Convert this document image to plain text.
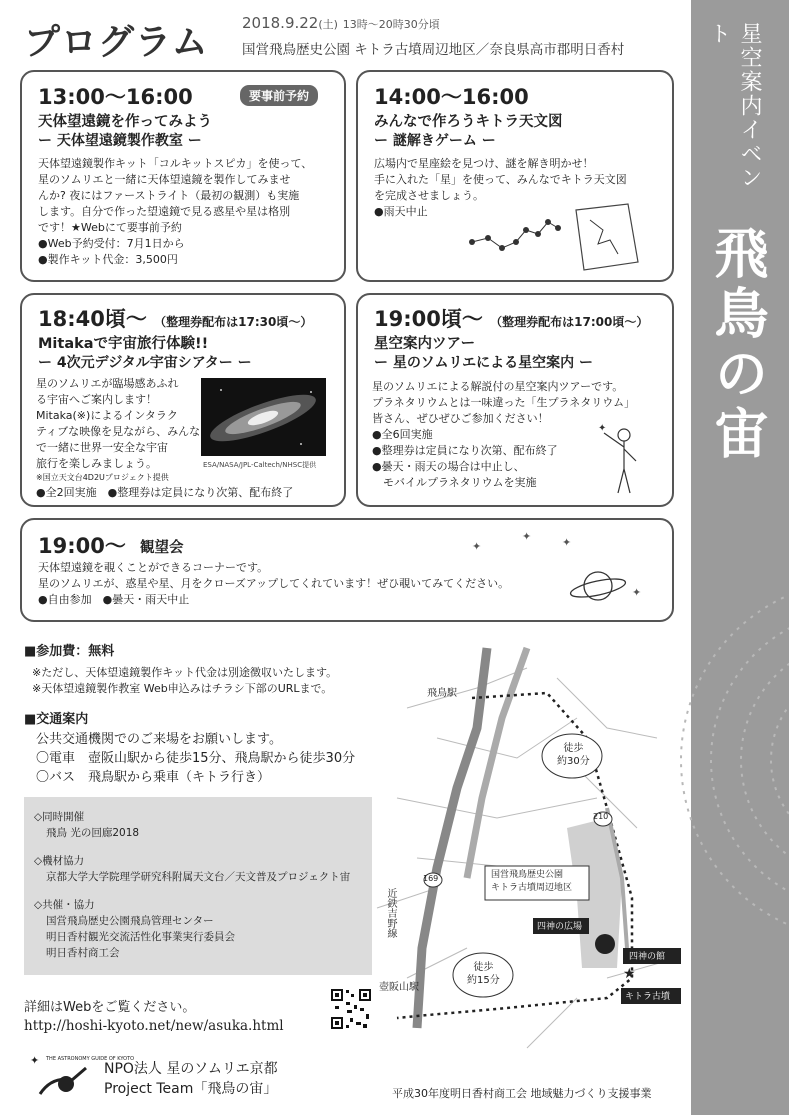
星空案内イベント
飛鳥の宙
プログラム 2018.9.22(土) 13時〜20時30分頃
国営飛鳥歴史公園 キトラ古墳周辺地区／奈良県高市郡明日香村
13:00〜16:00	要事前予約
天体望遠鏡を作ってみよう
ー 天体望遠鏡製作教室 ー
天体望遠鏡製作キット「コルキットスピカ」を使って、
星のソムリエと一緒に天体望遠鏡を製作してみませ
んか? 夜にはファーストライト（最初の観測）も実施
します。自分で作った望遠鏡で見る惑星や星は格別
です！★Webにて要事前予約
●Web予約受付：7月1日から
●製作キット代金：3,500円
14:00〜16:00
みんなで作ろうキトラ天文図
ー 謎解きゲーム ー
広場内で星座絵を見つけ、謎を解き明かせ！
手に入れた「星」を使って、みんなでキトラ天文図
を完成させましょう。
●雨天中止
18:40頃〜 （整理券配布は17:30頃〜）
Mitakaで宇宙旅行体験!!
ー 4次元デジタル宇宙シアター ー
星のソムリエが臨場感あふれ
る宇宙へご案内します！
Mitaka(※)によるインタラク
ティブな映像を見ながら、みんな
で一緒に世界一安全な宇宙
旅行を楽しみましょう。
※国立天文台4D2Uプロジェクト提供
●全2回実施　●整理券は定員になり次第、配布終了
ESA/NASA/JPL-Caltech/NHSC提供
19:00頃〜 （整理券配布は17:00頃〜）
星空案内ツアー
ー 星のソムリエによる星空案内 ー
星のソムリエによる解説付の星空案内ツアーです。
プラネタリウムとは一味違った「生プラネタリウム」
皆さん、ぜひぜひご参加ください！
●全6回実施
●整理券は定員になり次第、配布終了
●曇天・雨天の場合は中止し、
　モバイルプラネタリウムを実施
✦
19:00〜 観望会
天体望遠鏡を覗くことができるコーナーです。
星のソムリエが、惑星や星、月をクローズアップしてくれています！ぜひ覗いてみてください。
●自由参加　●曇天・雨天中止
✦
✦	✦
✦
■参加費：無料
※ただし、天体望遠鏡製作キット代金は別途徴収いたします。
※天体望遠鏡製作教室 Web申込みはチラシ下部のURLまで。
■交通案内
公共交通機関でのご来場をお願いします。
〇電車　壺阪山駅から徒歩15分、飛鳥駅から徒歩30分
〇バス　飛鳥駅から乗車（キトラ行き）
◇同時開催
飛鳥 光の回廊2018
◇機材協力
京都大学大学院理学研究科附属天文台／天文普及プロジェクト宙
◇共催・協力
国営飛鳥歴史公園飛鳥管理センター
明日香村観光交流活性化事業実行委員会
明日香村商工会
詳細はWebをご覧ください。
http://hoshi-kyoto.net/new/asuka.html
✦ THE ASTRONOMY GUIDE OF KYOTO
NPO法人 星のソムリエ京都
Project Team「飛鳥の宙」
★
飛鳥駅
壺阪山駅
近鉄吉野線
徒歩
約30分
徒歩
約15分
210
169	国営飛鳥歴史公園
キトラ古墳周辺地区
四神の広場
四神の館
キトラ古墳
平成30年度明日香村商工会 地域魅力づくり支援事業
